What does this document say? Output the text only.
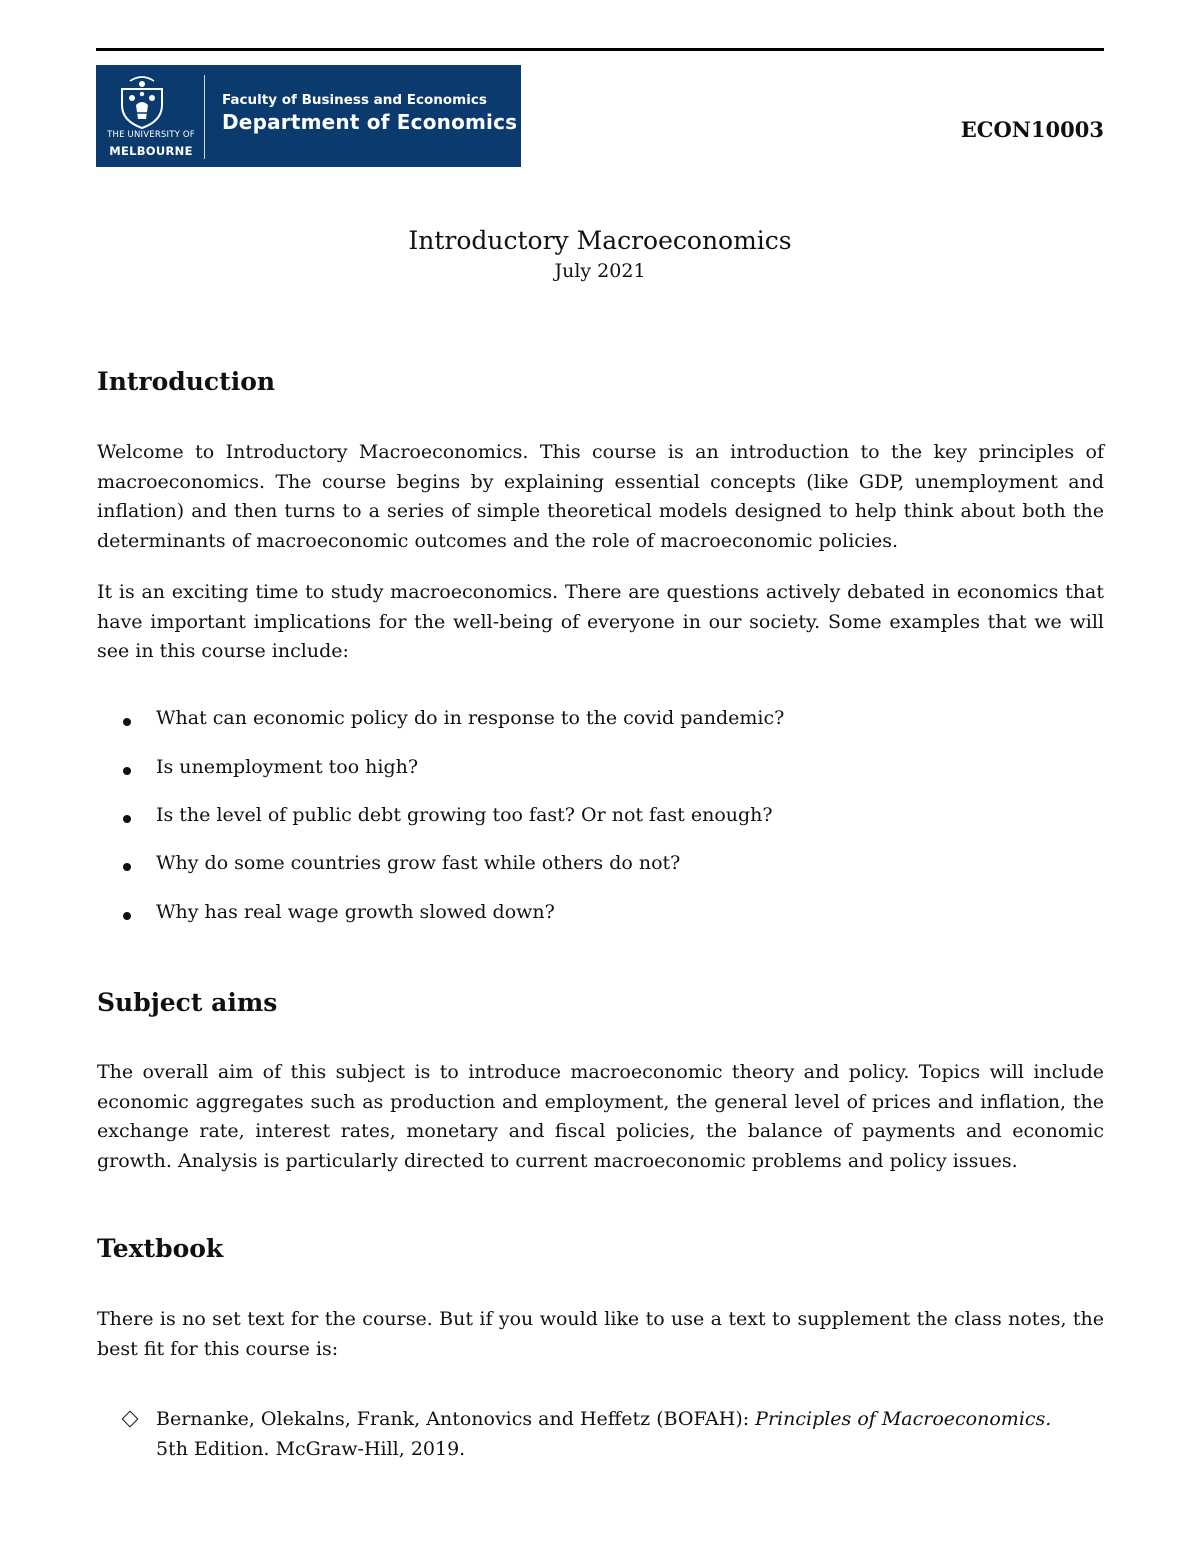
THE UNIVERSITY OF
MELBOURNE
Faculty of Business and Economics
Department of Economics	ECON10003
Introductory Macroeconomics
July 2021
Introduction

Welcome to Introductory Macroeconomics. This course is an introduction to the key principles of macroeconomics. The course begins by explaining essential concepts (like GDP, unemployment and inflation) and then turns to a series of simple theoretical models designed to help think about both the determinants of macroeconomic outcomes and the role of macroeconomic policies.

It is an exciting time to study macroeconomics. There are questions actively debated in economics that have important implications for the well-being of everyone in our society. Some examples that we will see in this course include:

What can economic policy do in response to the covid pandemic?
Is unemployment too high?
Is the level of public debt growing too fast? Or not fast enough?
Why do some countries grow fast while others do not?
Why has real wage growth slowed down?
Subject aims

The overall aim of this subject is to introduce macroeconomic theory and policy. Topics will include economic aggregates such as production and employment, the general level of prices and inflation, the exchange rate, interest rates, monetary and fiscal policies, the balance of payments and economic growth. Analysis is particularly directed to current macroeconomic problems and policy issues.

Textbook

There is no set text for the course. But if you would like to use a text to supplement the class notes, the best fit for this course is:

Bernanke, Olekalns, Frank, Antonovics and Heffetz (BOFAH): Principles of Macroeconomics.
5th Edition. McGraw-Hill, 2019.
